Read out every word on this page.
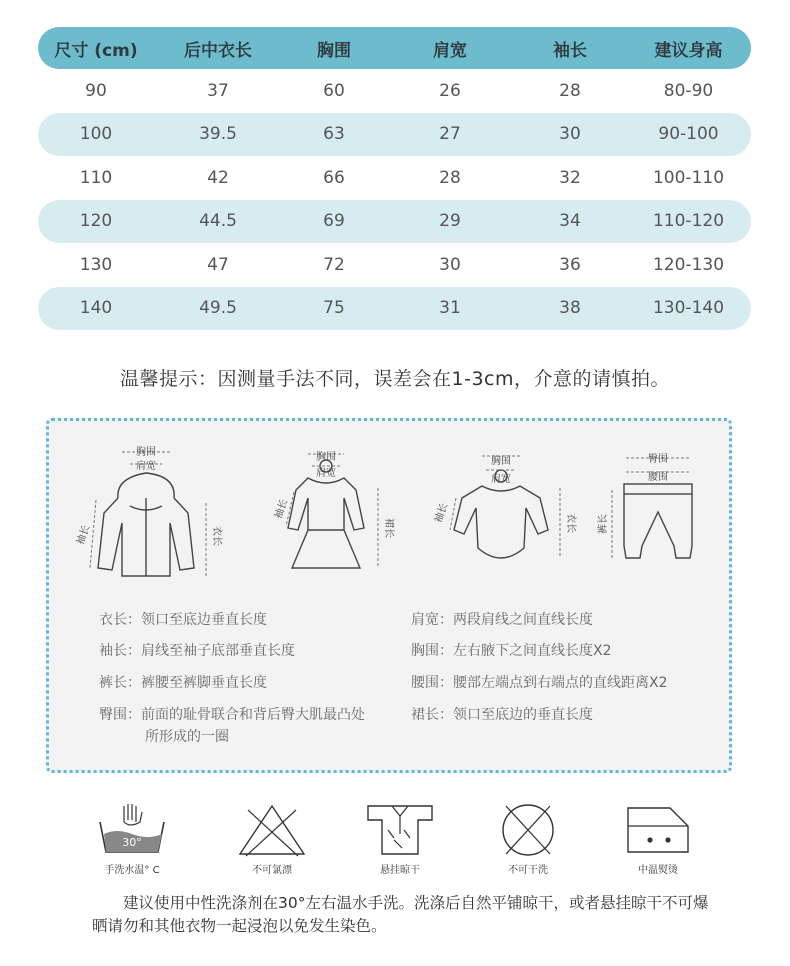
尺寸 (cm)	后中衣长	胸围	肩宽	袖长	建议身高
90	37	60	26	28	80-90
100	39.5	63	27	30	90-100
110	42	66	28	32	100-110
120	44.5	69	29	34	110-120
130	47	72	30	36	120-130
140	49.5	75	31	38	130-140
温馨提示：因测量手法不同，误差会在1-3cm，介意的请慎拍。
胸围
肩宽
袖长	衣长
胸围
肩宽
袖长
裙长
胸围
肩宽
袖长	衣长
臀围
腰围
裤长
衣长：领口至底边垂直长度
袖长：肩线至袖子底部垂直长度
裤长：裤腰至裤脚垂直长度
臀围：前面的耻骨联合和背后臀大肌最凸处
所形成的一圈
肩宽：两段肩线之间直线长度
胸围：左右腋下之间直线长度X2
腰围：腰部左端点到右端点的直线距离X2
裙长：领口至底边的垂直长度
30°
手洗水温° C	不可氯漂	悬挂晾干	不可干洗	中温熨烫
建议使用中性洗涤剂在30°左右温水手洗。洗涤后自然平铺晾干，或者悬挂晾干不可爆晒请勿和其他衣物一起浸泡以免发生染色。
